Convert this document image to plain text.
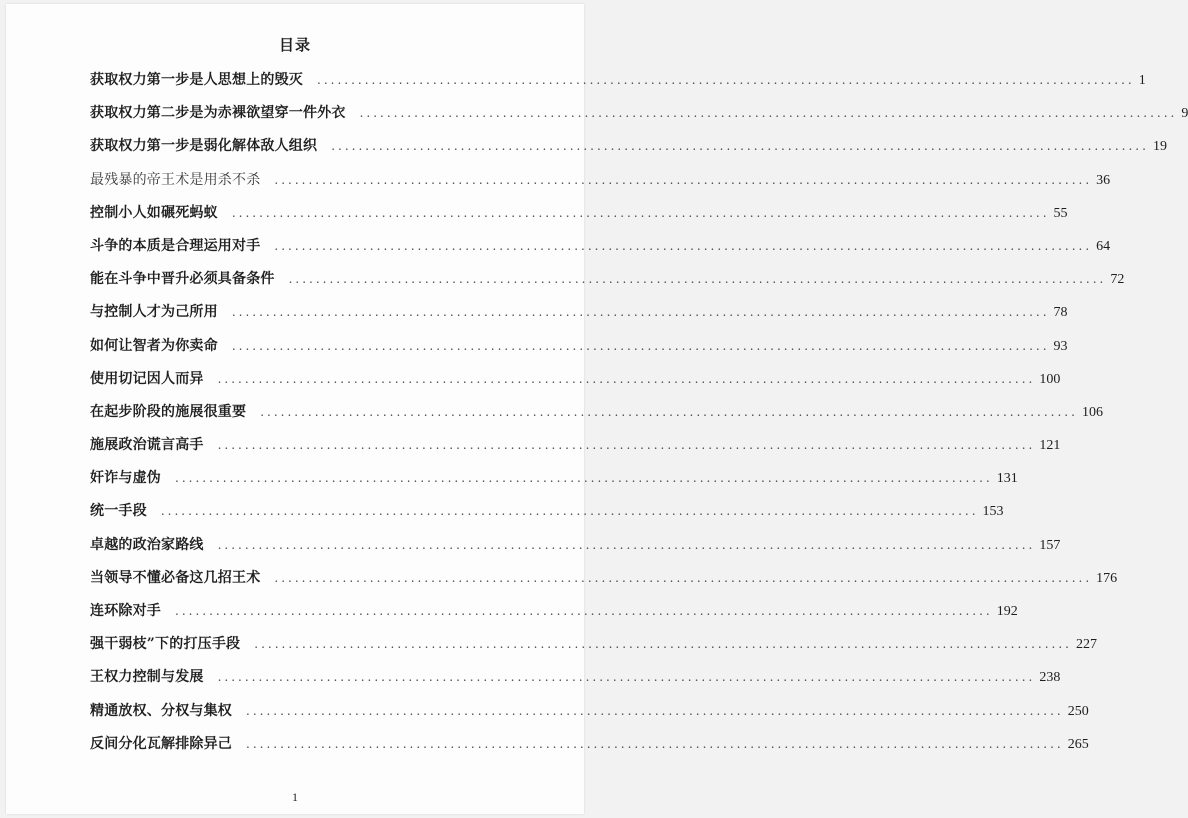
目录
获取权力第一步是人思想上的毁灭 ........................................................................................................................ 1
获取权力第二步是为赤裸欲望穿一件外衣 ........................................................................................................................ 9
获取权力第一步是弱化解体敌人组织 ........................................................................................................................ 19
最残暴的帝王术是用杀不杀 ........................................................................................................................ 36
控制小人如碾死蚂蚁 ........................................................................................................................ 55
斗争的本质是合理运用对手 ........................................................................................................................ 64
能在斗争中晋升必须具备条件 ........................................................................................................................ 72
与控制人才为己所用 ........................................................................................................................ 78
如何让智者为你卖命 ........................................................................................................................ 93
使用切记因人而异 ........................................................................................................................ 100
在起步阶段的施展很重要 ........................................................................................................................ 106
施展政治谎言高手 ........................................................................................................................ 121
奸诈与虚伪 ........................................................................................................................ 131
统一手段 ........................................................................................................................ 153
卓越的政治家路线 ........................................................................................................................ 157
当领导不懂必备这几招王术 ........................................................................................................................ 176
连环除对手 ........................................................................................................................ 192
强干弱枝”下的打压手段 ........................................................................................................................ 227
王权力控制与发展 ........................................................................................................................ 238
精通放权、分权与集权 ........................................................................................................................ 250
反间分化瓦解排除异己 ........................................................................................................................ 265
1
